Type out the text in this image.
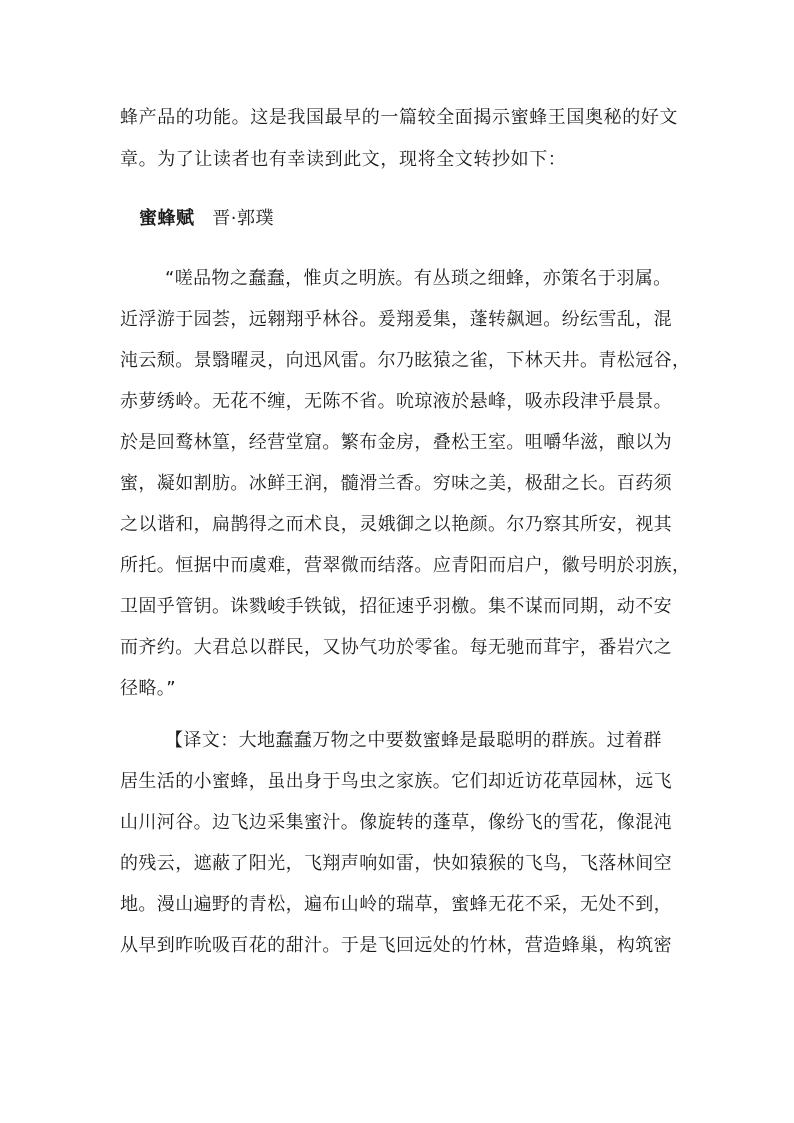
蜂产品的功能。这是我国最早的一篇较全面揭示蜜蜂王国奥秘的好文
章。为了让读者也有幸读到此文，现将全文转抄如下：
蜜蜂赋 晋·郭璞
“嗟品物之蠢蠢，惟贞之明族。有丛琐之细蜂，亦策名于羽属。
近浮游于园荟，远翱翔乎林谷。爰翔爰集，蓬转飙迴。纷纭雪乱，混
沌云颓。景翳曜灵，向迅风雷。尔乃眩猿之雀，下林天井。青松冠谷，
赤萝绣岭。无花不缠，无陈不省。吮琼液於悬峰，吸赤段津乎晨景。
於是回鹜林篁，经营堂窟。繁布金房，叠松王室。咀嚼华滋，酿以为
蜜，凝如割肪。冰鲜王润，髓滑兰香。穷味之美，极甜之长。百药须
之以谐和，扁鹊得之而术良，灵娥御之以艳颜。尔乃察其所安，视其
所托。恒据中而虞难，营翠微而结落。应青阳而启户，徽号明於羽族，
卫固乎管钥。诛戮峻手铁钺，招征速乎羽檄。集不谋而同期，动不安
而齐约。大君总以群民，又协气功於零雀。每无驰而茸宇，番岩穴之
径略。”
【译文：大地蠢蠢万物之中要数蜜蜂是最聪明的群族。过着群
居生活的小蜜蜂，虽出身于鸟虫之家族。它们却近访花草园林，远飞
山川河谷。边飞边采集蜜汁。像旋转的蓬草，像纷飞的雪花，像混沌
的残云，遮蔽了阳光，飞翔声响如雷，快如猿猴的飞鸟，飞落林间空
地。漫山遍野的青松，遍布山岭的瑞草，蜜蜂无花不采，无处不到，
从早到昨吮吸百花的甜汁。于是飞回远处的竹林，营造蜂巢，构筑密
